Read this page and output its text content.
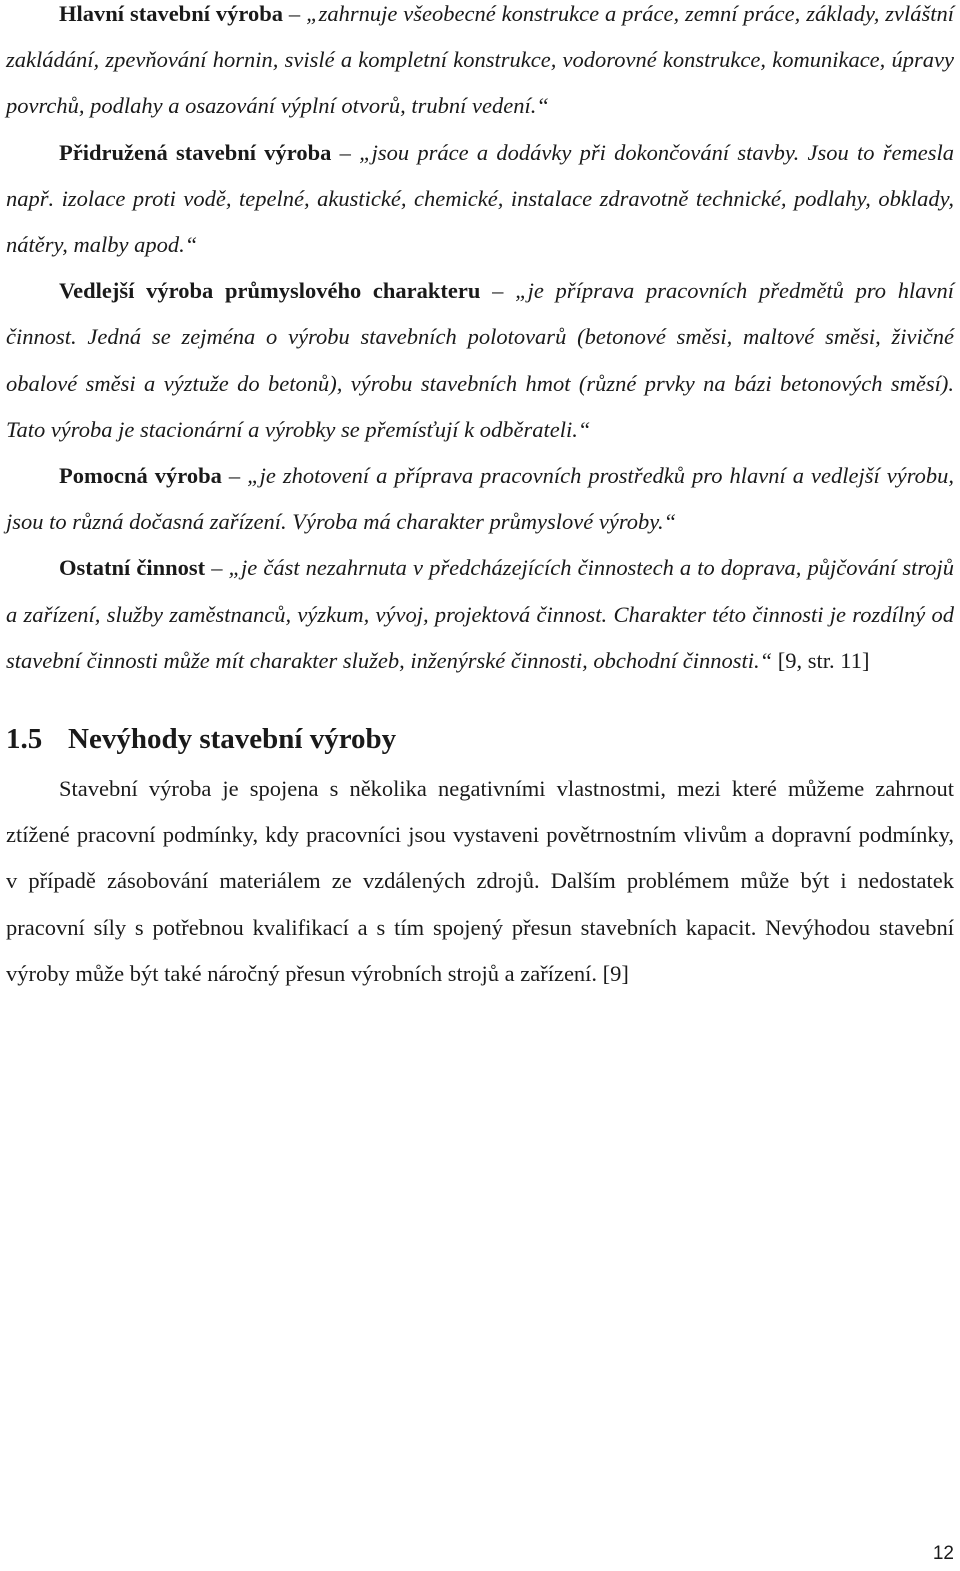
Hlavní stavební výroba – „zahrnuje všeobecné konstrukce a práce, zemní práce, základy, zvláštní zakládání, zpevňování hornin, svislé a kompletní konstrukce, vodorovné konstrukce, komunikace, úpravy povrchů, podlahy a osazování výplní otvorů, trubní vedení.“

Přidružená stavební výroba – „jsou práce a dodávky při dokončování stavby. Jsou to řemesla např. izolace proti vodě, tepelné, akustické, chemické, instalace zdravotně technické, podlahy, obklady, nátěry, malby apod.“

Vedlejší výroba průmyslového charakteru – „je příprava pracovních předmětů pro hlavní činnost. Jedná se zejména o výrobu stavebních polotovarů (betonové směsi, maltové směsi, živičné obalové směsi a výztuže do betonů), výrobu stavebních hmot (různé prvky na bázi betonových směsí). Tato výroba je stacionární a výrobky se přemísťují k odběrateli.“

Pomocná výroba – „je zhotovení a příprava pracovních prostředků pro hlavní a vedlejší výrobu, jsou to různá dočasná zařízení. Výroba má charakter průmyslové výroby.“

Ostatní činnost – „je část nezahrnuta v předcházejících činnostech a to doprava, půjčování strojů a zařízení, služby zaměstnanců, výzkum, vývoj, projektová činnost. Charakter této činnosti je rozdílný od stavební činnosti může mít charakter služeb, inženýrské činnosti, obchodní činnosti.“ [9, str. 11]

1.5 Nevýhody stavební výroby

Stavební výroba je spojena s několika negativními vlastnostmi, mezi které můžeme zahrnout ztížené pracovní podmínky, kdy pracovníci jsou vystaveni povětrnostním vlivům a dopravní podmínky, v případě zásobování materiálem ze vzdálených zdrojů. Dalším problémem může být i nedostatek pracovní síly s potřebnou kvalifikací a s tím spojený přesun stavebních kapacit. Nevýhodou stavební výroby může být také náročný přesun výrobních strojů a zařízení. [9]

12
